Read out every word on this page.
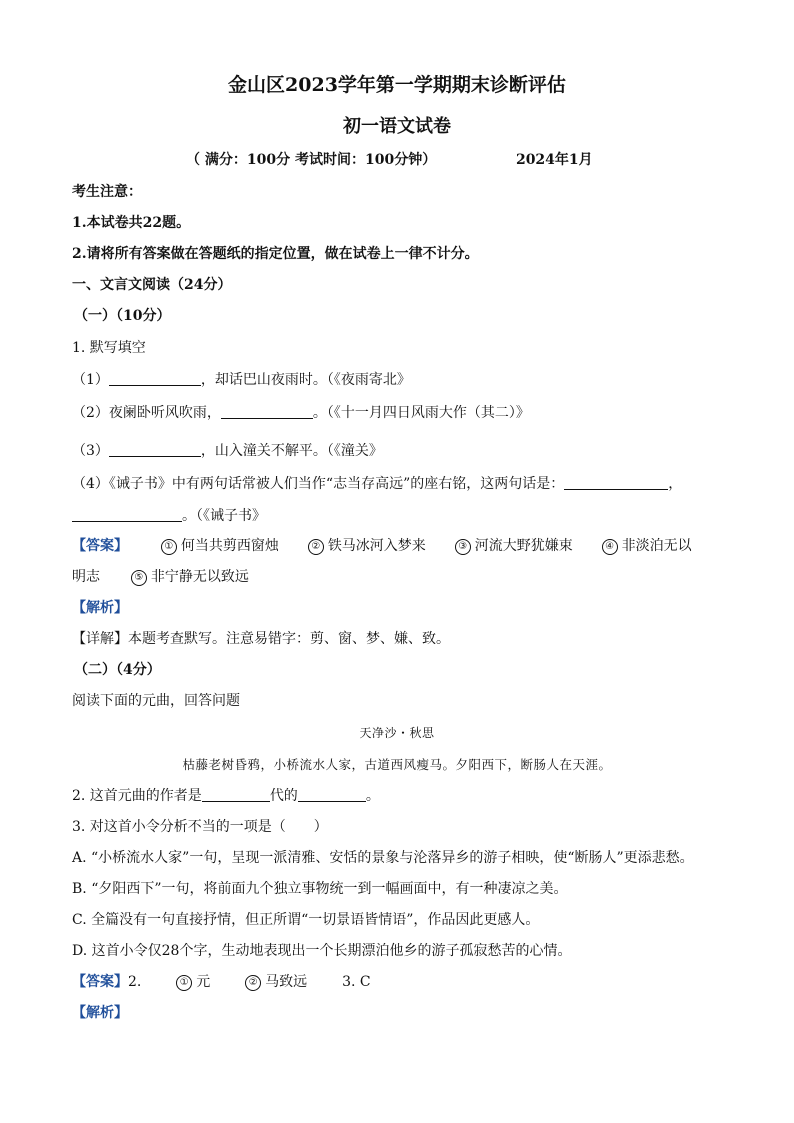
金山区2023学年第一学期期末诊断评估
初一语文试卷
（ 满分：100分 考试时间：100分钟）	2024年1月
考生注意：
1.本试卷共22题。
2.请将所有答案做在答题纸的指定位置，做在试卷上一律不计分。
一、文言文阅读（24分）
（一）（10分）
1. 默写填空
（1）	，却话巴山夜雨时。（《夜雨寄北》
（2）夜阑卧听风吹雨，	。（《十一月四日风雨大作（其二）》
（3）	，山入潼关不解平。（《潼关》
（4）《诫子书》中有两句话常被人们当作“志当存高远”的座右铭，这两句话是：	，
。（《诫子书》
【答案】	① 何当共剪西窗烛	② 铁马冰河入梦来	③ 河流大野犹嫌束	④ 非淡泊无以
明志	⑤ 非宁静无以致远
【解析】
【详解】本题考查默写。注意易错字：剪、窗、梦、嫌、致。
（二）（4分）
阅读下面的元曲，回答问题
天净沙・秋思
枯藤老树昏鸦，小桥流水人家，古道西风瘦马。夕阳西下，断肠人在天涯。
2. 这首元曲的作者是	代的	。
3. 对这首小令分析不当的一项是（　　）
A. “小桥流水人家”一句，呈现一派清雅、安恬的景象与沦落异乡的游子相映，使“断肠人”更添悲愁。
B. “夕阳西下”一句，将前面九个独立事物统一到一幅画面中，有一种凄凉之美。
C. 全篇没有一句直接抒情，但正所谓“一切景语皆情语”，作品因此更感人。
D. 这首小令仅28个字，生动地表现出一个长期漂泊他乡的游子孤寂愁苦的心情。
【答案】2.	① 元	② 马致远 3. C
【解析】
